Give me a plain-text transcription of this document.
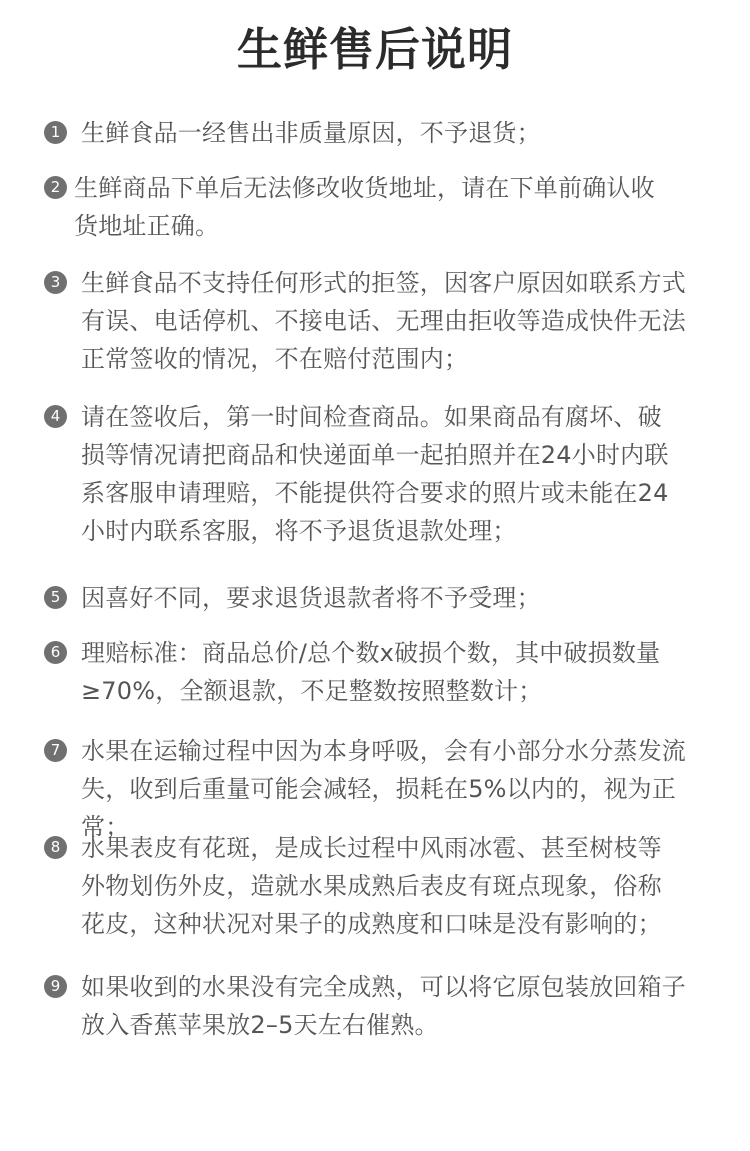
生鲜售后说明
1 生鲜食品一经售出非质量原因，不予退货；
2 生鲜商品下单后无法修改收货地址，请在下单前确认收
货地址正确。
3 生鲜食品不支持任何形式的拒签，因客户原因如联系方式
有误、电话停机、不接电话、无理由拒收等造成快件无法
正常签收的情况，不在赔付范围内；
4 请在签收后，第一时间检查商品。如果商品有腐坏、破
损等情况请把商品和快递面单一起拍照并在24小时内联
系客服申请理赔，不能提供符合要求的照片或未能在24
小时内联系客服，将不予退货退款处理；
5 因喜好不同，要求退货退款者将不予受理；
6 理赔标准：商品总价/总个数x破损个数，其中破损数量
≥70%，全额退款，不足整数按照整数计；
7 水果在运输过程中因为本身呼吸，会有小部分水分蒸发流
失，收到后重量可能会减轻，损耗在5%以内的，视为正常；
8 水果表皮有花斑，是成长过程中风雨冰雹、甚至树枝等
外物划伤外皮，造就水果成熟后表皮有斑点现象，俗称
花皮，这种状况对果子的成熟度和口味是没有影响的；
9 如果收到的水果没有完全成熟，可以将它原包装放回箱子
放入香蕉苹果放2–5天左右催熟。
